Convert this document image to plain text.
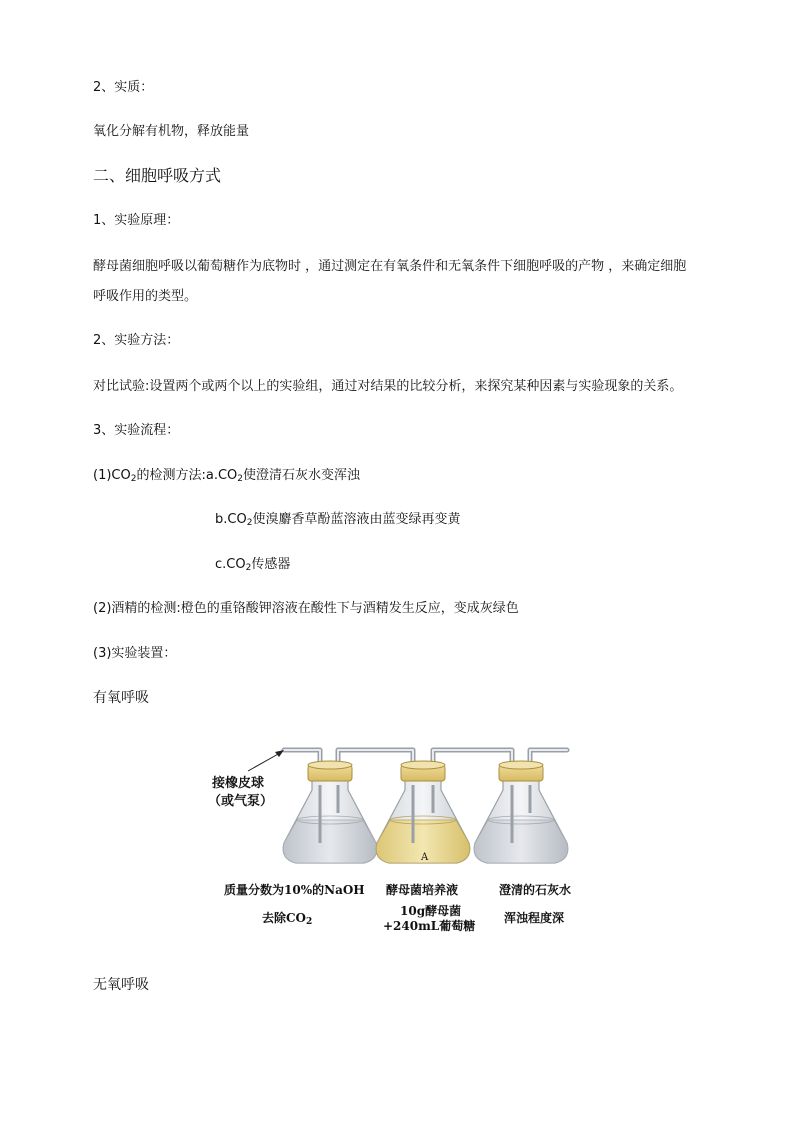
2、实质：
氧化分解有机物，释放能量
二、细胞呼吸方式
1、实验原理：
酵母菌细胞呼吸以葡萄糖作为底物时 ，通过测定在有氧条件和无氧条件下细胞呼吸的产物 ，来确定细胞
呼吸作用的类型。
2、实验方法：
对比试验:设置两个或两个以上的实验组，通过对结果的比较分析，来探究某种因素与实验现象的关系。
3、实验流程：
$(1)CO_2$的检测方法$:a.CO_2$使澄清石灰水变浑浊
$b.CO_2$使溴麝香草酚蓝溶液由蓝变绿再变黄
$c.CO_2$传感器
(2)酒精的检测:橙色的重铬酸钾溶液在酸性下与酒精发生反应，变成灰绿色
(3)实验装置：
有氧呼吸
接橡皮球
（或气泵）
A
质量分数为10%的NaOH
去除$CO_2$
酵母菌培养液
10g酵母菌
+240mL葡萄糖
澄清的石灰水
浑浊程度深
无氧呼吸
